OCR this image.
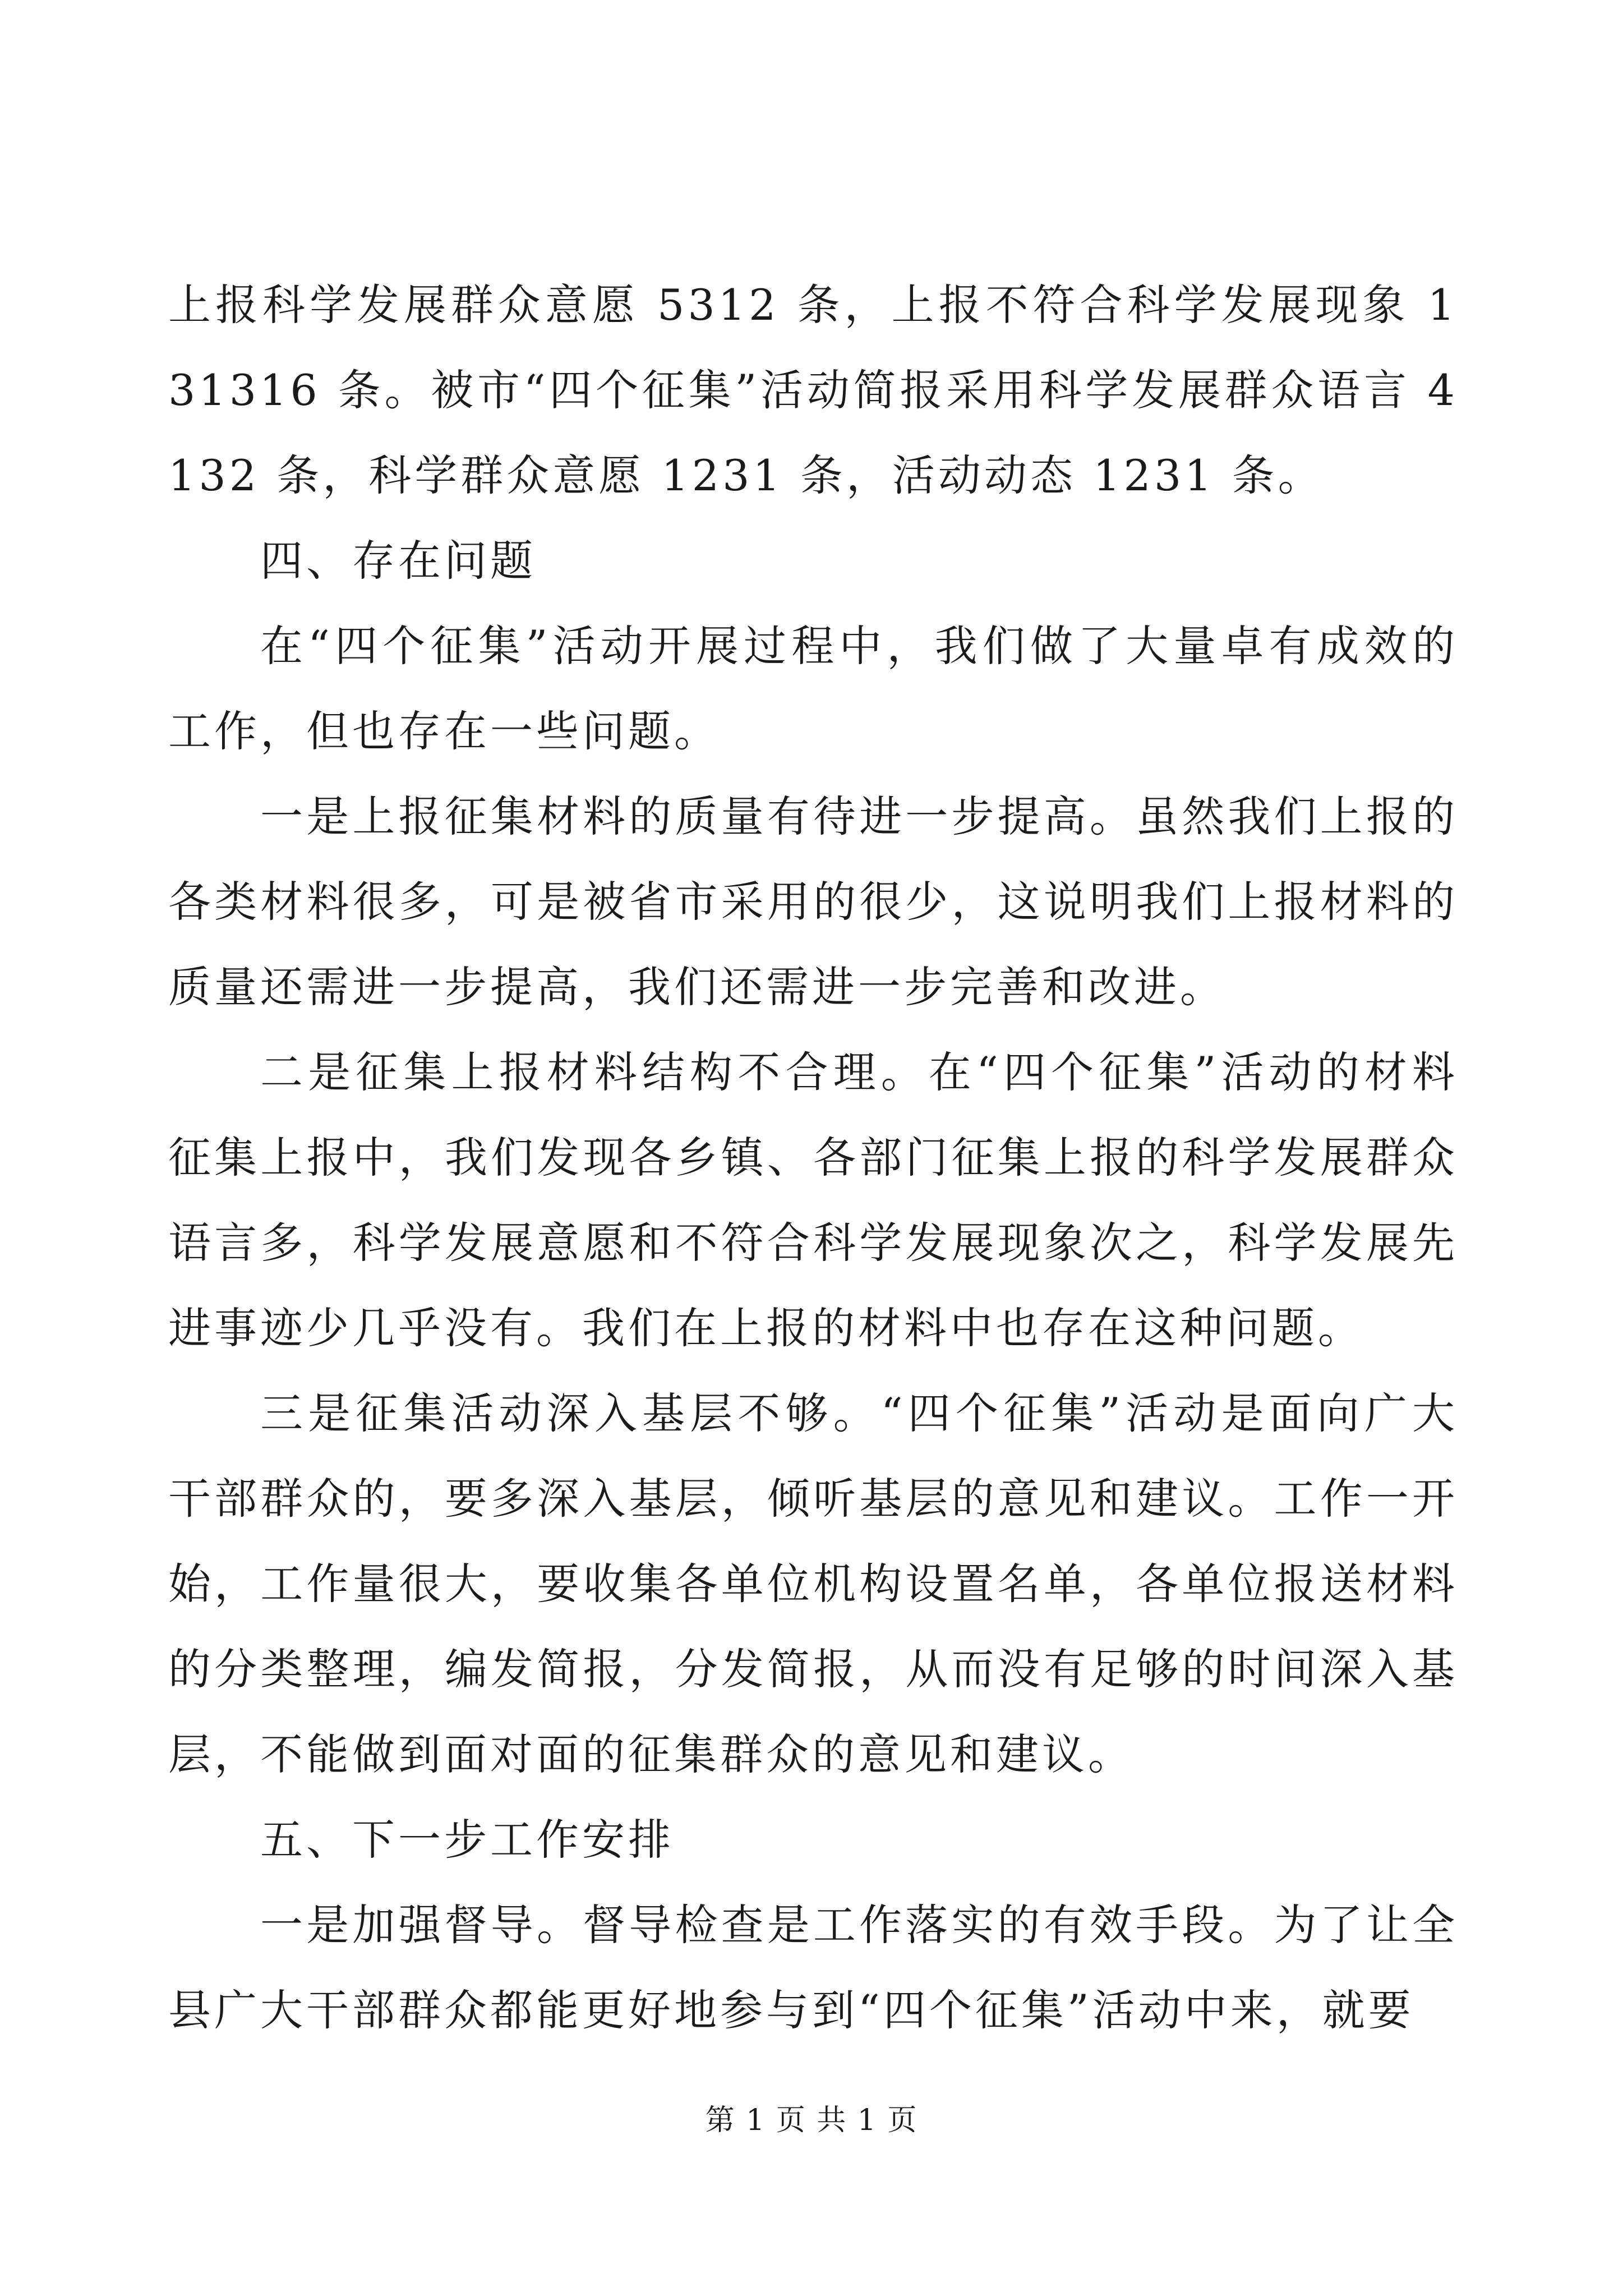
上报科学发展群众意愿 5312 条，上报不符合科学发展现象 131316 条。被市“四个征集”活动简报采用科学发展群众语言 4132 条，科学群众意愿 1231 条，活动动态 1231 条。

四、存在问题

在“四个征集”活动开展过程中，我们做了大量卓有成效的工作，但也存在一些问题。

一是上报征集材料的质量有待进一步提高。虽然我们上报的各类材料很多，可是被省市采用的很少，这说明我们上报材料的质量还需进一步提高，我们还需进一步完善和改进。

二是征集上报材料结构不合理。在“四个征集”活动的材料征集上报中，我们发现各乡镇、各部门征集上报的科学发展群众语言多，科学发展意愿和不符合科学发展现象次之，科学发展先进事迹少几乎没有。我们在上报的材料中也存在这种问题。

三是征集活动深入基层不够。“四个征集”活动是面向广大干部群众的，要多深入基层，倾听基层的意见和建议。工作一开始，工作量很大，要收集各单位机构设置名单，各单位报送材料的分类整理，编发简报，分发简报，从而没有足够的时间深入基层，不能做到面对面的征集群众的意见和建议。

五、下一步工作安排

一是加强督导。督导检查是工作落实的有效手段。为了让全县广大干部群众都能更好地参与到“四个征集”活动中来，就要

第 1 页 共 1 页
